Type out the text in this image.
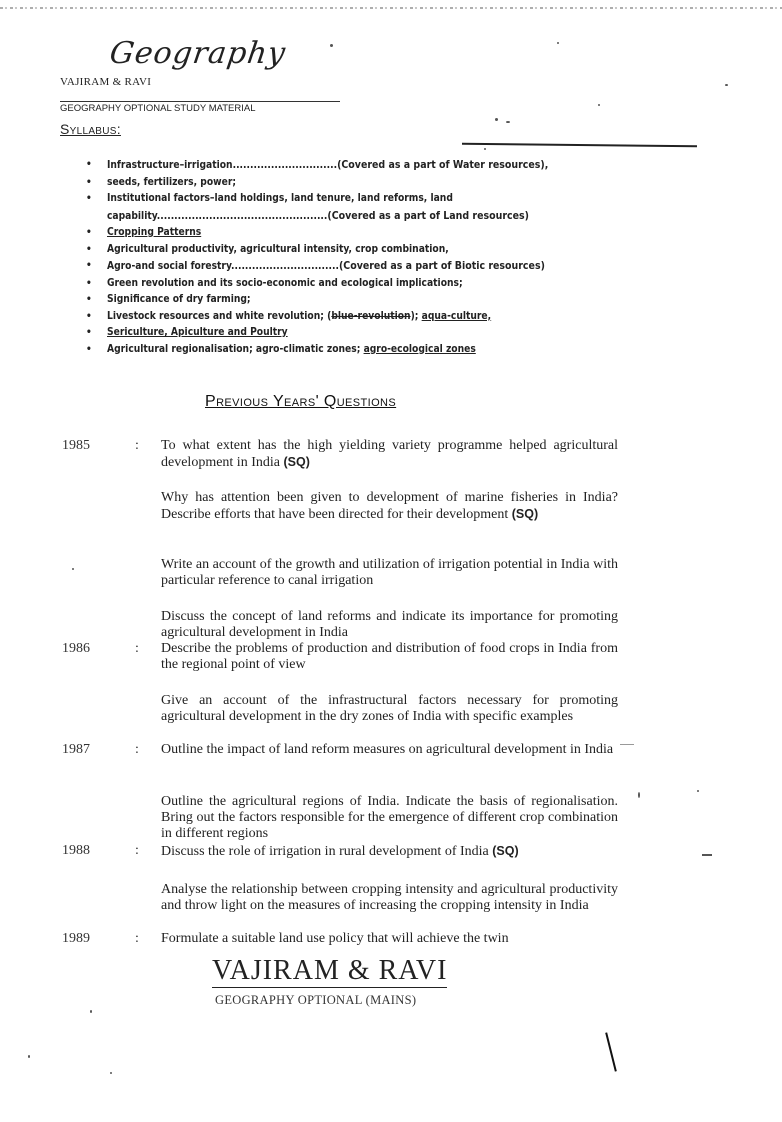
Geography
VAJIRAM & RAVI
GEOGRAPHY OPTIONAL STUDY MATERIAL
Syllabus:
• Infrastructure–irrigation..............................(Covered as a part of Water resources),
• seeds, fertilizers, power;
• Institutional factors–land holdings, land tenure, land reforms, land
capability.................................................(Covered as a part of Land resources)
• Cropping Patterns
• Agricultural productivity, agricultural intensity, crop combination,
• Agro-and social forestry...............................(Covered as a part of Biotic resources)
• Green revolution and its socio-economic and ecological implications;
• Significance of dry farming;
• Livestock resources and white revolution; (blue-revolution); aqua-culture,
• Sericulture, Apiculture and Poultry
• Agricultural regionalisation; agro-climatic zones; agro-ecological zones
Previous Years' Questions
1985	: To what extent has the high yielding variety programme helped agricultural development in India (SQ)
Why has attention been given to development of marine fisheries in India? Describe efforts that have been directed for their development (SQ)
Write an account of the growth and utilization of irrigation potential in India with particular reference to canal irrigation
Discuss the concept of land reforms and indicate its importance for promoting agricultural development in India
1986	: Describe the problems of production and distribution of food crops in India from the regional point of view
Give an account of the infrastructural factors necessary for promoting agricultural development in the dry zones of India with specific examples
1987	: Outline the impact of land reform measures on agricultural development in India
Outline the agricultural regions of India. Indicate the basis of regionalisation. Bring out the factors responsible for the emergence of different crop combination in different regions
1988	: Discuss the role of irrigation in rural development of India (SQ)
Analyse the relationship between cropping intensity and agricultural productivity and throw light on the measures of increasing the cropping intensity in India
1989	: Formulate a suitable land use policy that will achieve the twin
VAJIRAM & RAVI
GEOGRAPHY OPTIONAL (MAINS)
